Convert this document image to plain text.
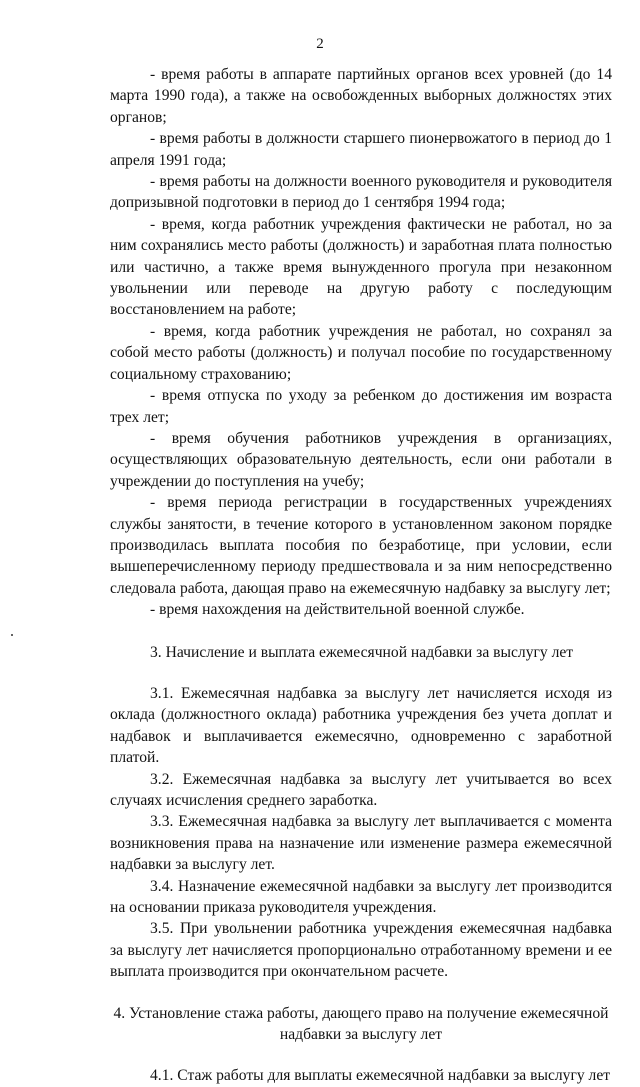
2

- время работы в аппарате партийных органов всех уровней (до 14 марта 1990 года), а также на освобожденных выборных должностях этих органов;

- время работы в должности старшего пионервожатого в период до 1 апреля 1991 года;

- время работы на должности военного руководителя и руководителя допризывной подготовки в период до 1 сентября 1994 года;

- время, когда работник учреждения фактически не работал, но за ним сохранялись место работы (должность) и заработная плата полностью или частично, а также время вынужденного прогула при незаконном увольнении или переводе на другую работу с последующим восстановлением на работе;

- время, когда работник учреждения не работал, но сохранял за собой место работы (должность) и получал пособие по государственному социальному страхованию;

- время отпуска по уходу за ребенком до достижения им возраста трех лет;

- время обучения работников учреждения в организациях, осуществляющих образовательную деятельность, если они работали в учреждении до поступления на учебу;

- время периода регистрации в государственных учреждениях службы занятости, в течение которого в установленном законом порядке производилась выплата пособия по безработице, при условии, если вышеперечисленному периоду предшествовала и за ним непосредственно следовала работа, дающая право на ежемесячную надбавку за выслугу лет;

- время нахождения на действительной военной службе.

3. Начисление и выплата ежемесячной надбавки за выслугу лет

3.1. Ежемесячная надбавка за выслугу лет начисляется исходя из оклада (должностного оклада) работника учреждения без учета доплат и надбавок и выплачивается ежемесячно, одновременно с заработной платой.

3.2. Ежемесячная надбавка за выслугу лет учитывается во всех случаях исчисления среднего заработка.

3.3. Ежемесячная надбавка за выслугу лет выплачивается с момента возникновения права на назначение или изменение размера ежемесячной надбавки за выслугу лет.

3.4. Назначение ежемесячной надбавки за выслугу лет производится на основании приказа руководителя учреждения.

3.5. При увольнении работника учреждения ежемесячная надбавка за выслугу лет начисляется пропорционально отработанному времени и ее выплата производится при окончательном расчете.

4. Установление стажа работы, дающего право на получение ежемесячной
надбавки за выслугу лет

4.1. Стаж работы для выплаты ежемесячной надбавки за выслугу лет
